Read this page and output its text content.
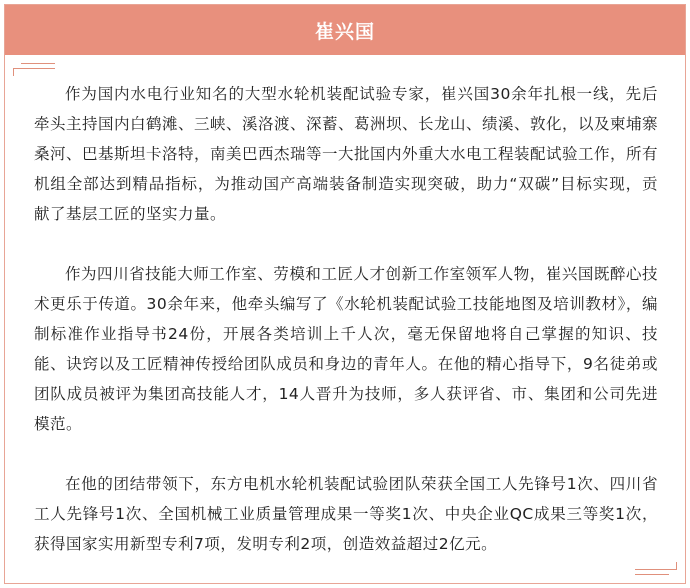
崔兴国

作为国内水电行业知名的大型水轮机装配试验专家，崔兴国30余年扎根一线，先后牵头主持国内白鹤滩、三峡、溪洛渡、深蓄、葛洲坝、长龙山、绩溪、敦化，以及柬埔寨桑河、巴基斯坦卡洛特，南美巴西杰瑞等一大批国内外重大水电工程装配试验工作，所有机组全部达到精品指标，为推动国产高端装备制造实现突破，助力“双碳”目标实现，贡献了基层工匠的坚实力量。

作为四川省技能大师工作室、劳模和工匠人才创新工作室领军人物，崔兴国既醉心技术更乐于传道。30余年来，他牵头编写了《水轮机装配试验工技能地图及培训教材》，编制标准作业指导书24份，开展各类培训上千人次，毫无保留地将自己掌握的知识、技能、诀窍以及工匠精神传授给团队成员和身边的青年人。在他的精心指导下，9名徒弟或团队成员被评为集团高技能人才，14人晋升为技师，多人获评省、市、集团和公司先进模范。

在他的团结带领下，东方电机水轮机装配试验团队荣获全国工人先锋号1次、四川省工人先锋号1次、全国机械工业质量管理成果一等奖1次、中央企业QC成果三等奖1次，获得国家实用新型专利7项，发明专利2项，创造效益超过2亿元。
